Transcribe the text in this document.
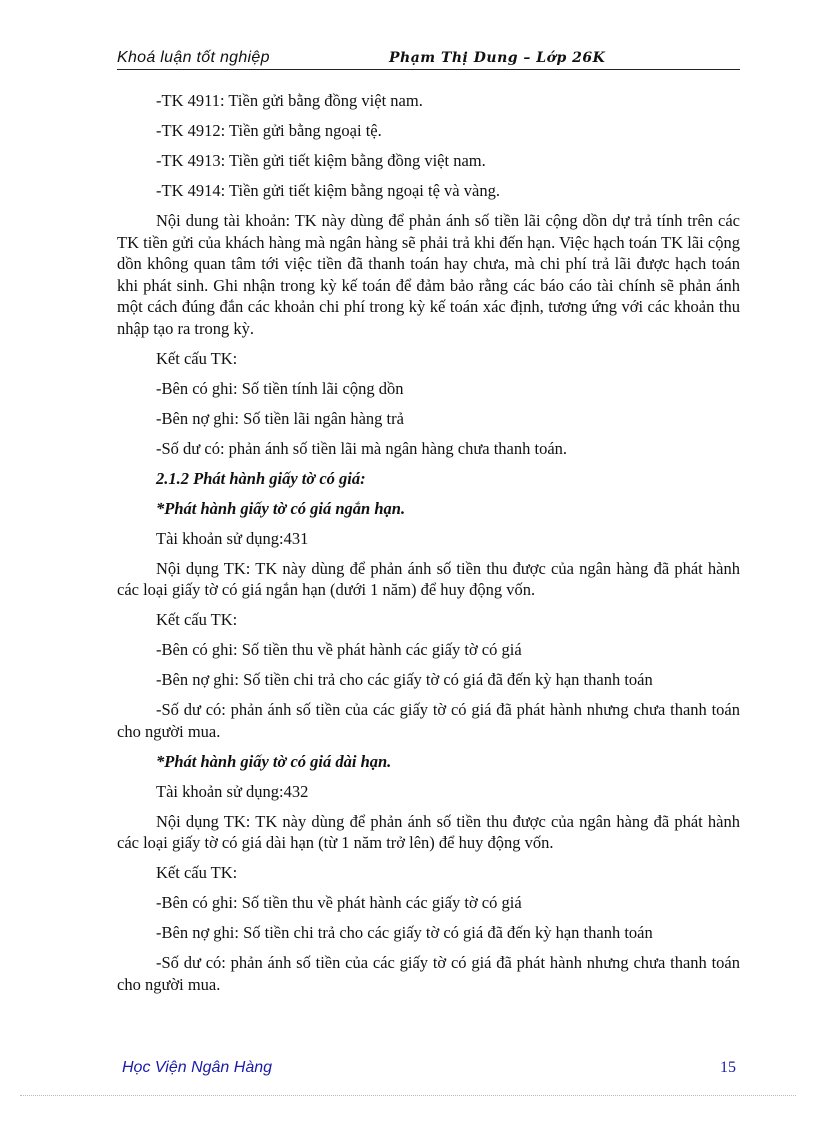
Khoá luận tốt nghiệp	Phạm Thị Dung – Lớp 26K

-TK 4911: Tiền gửi bằng đồng việt nam.

-TK 4912: Tiền gửi bằng ngoại tệ.

-TK 4913: Tiền gửi tiết kiệm bằng đồng việt nam.

-TK 4914: Tiền gửi tiết kiệm bằng ngoại tệ và vàng.

Nội dung tài khoản: TK này dùng để phản ánh số tiền lãi cộng dồn dự trả tính trên các TK tiền gửi của khách hàng mà ngân hàng sẽ phải trả khi đến hạn. Việc hạch toán TK lãi cộng dồn không quan tâm tới việc tiền đã thanh toán hay chưa, mà chi phí trả lãi được hạch toán khi phát sinh. Ghi nhận trong kỳ kế toán để đảm bảo rằng các báo cáo tài chính sẽ phản ánh một cách đúng đắn các khoản chi phí trong kỳ kế toán xác định, tương ứng với các khoản thu nhập tạo ra trong kỳ.

Kết cấu TK:

-Bên có ghi: Số tiền tính lãi cộng dồn

-Bên nợ ghi: Số tiền lãi ngân hàng trả

-Số dư có: phản ánh số tiền lãi mà ngân hàng chưa thanh toán.

2.1.2 Phát hành giấy tờ có giá:

*Phát hành giấy tờ có giá ngắn hạn.

Tài khoản sử dụng:431

Nội dụng TK: TK này dùng để phản ánh số tiền thu được của ngân hàng đã phát hành các loại giấy tờ có giá ngắn hạn (dưới 1 năm) để huy động vốn.

Kết cấu TK:

-Bên có ghi: Số tiền thu về phát hành các giấy tờ có giá

-Bên nợ ghi: Số tiền chi trả cho các giấy tờ có giá đã đến kỳ hạn thanh toán

-Số dư có: phản ánh số tiền của các giấy tờ có giá đã phát hành nhưng chưa thanh toán cho người mua.

*Phát hành giấy tờ có giá dài hạn.

Tài khoản sử dụng:432

Nội dụng TK: TK này dùng để phản ánh số tiền thu được của ngân hàng đã phát hành các loại giấy tờ có giá dài hạn (từ 1 năm trở lên) để huy động vốn.

Kết cấu TK:

-Bên có ghi: Số tiền thu về phát hành các giấy tờ có giá

-Bên nợ ghi: Số tiền chi trả cho các giấy tờ có giá đã đến kỳ hạn thanh toán

-Số dư có: phản ánh số tiền của các giấy tờ có giá đã phát hành nhưng chưa thanh toán cho người mua.

Học Viện Ngân Hàng	15
